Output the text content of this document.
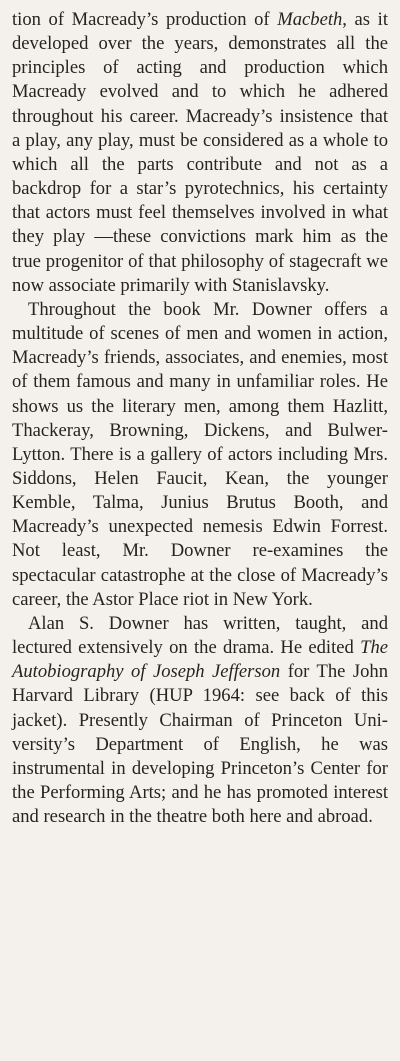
tion of Macready’s production of Macbeth, as it developed over the years, demonstrates all the principles of acting and production which Macready evolved and to which he adhered throughout his career. Macready’s insistence that a play, any play, must be considered as a whole to which all the parts contribute and not as a backdrop for a star’s pyrotechnics, his certainty that actors must feel themselves involved in what they play —these convictions mark him as the true progenitor of that philosophy of stagecraft we now associate primarily with Stanislavsky.

Throughout the book Mr. Downer offers a multitude of scenes of men and women in action, Macready’s friends, associates, and enemies, most of them famous and many in unfamiliar roles. He shows us the literary men, among them Hazlitt, Thackeray, Browning, Dickens, and Bulwer-Lytton. There is a gallery of actors including Mrs. Siddons, Helen Faucit, Kean, the younger Kemble, Talma, Junius Brutus Booth, and Macready’s unexpected nemesis Edwin Forrest. Not least, Mr. Downer re-examines the spectacular catastrophe at the close of Macready’s career, the Astor Place riot in New York.

Alan S. Downer has written, taught, and lectured extensively on the drama. He edited The Autobiography of Joseph Jefferson for The John Harvard Library (HUP 1964: see back of this jacket). Presently Chairman of Princeton University’s Department of English, he was instrumental in developing Princeton’s Center for the Performing Arts; and he has promoted interest and research in the theatre both here and abroad.
